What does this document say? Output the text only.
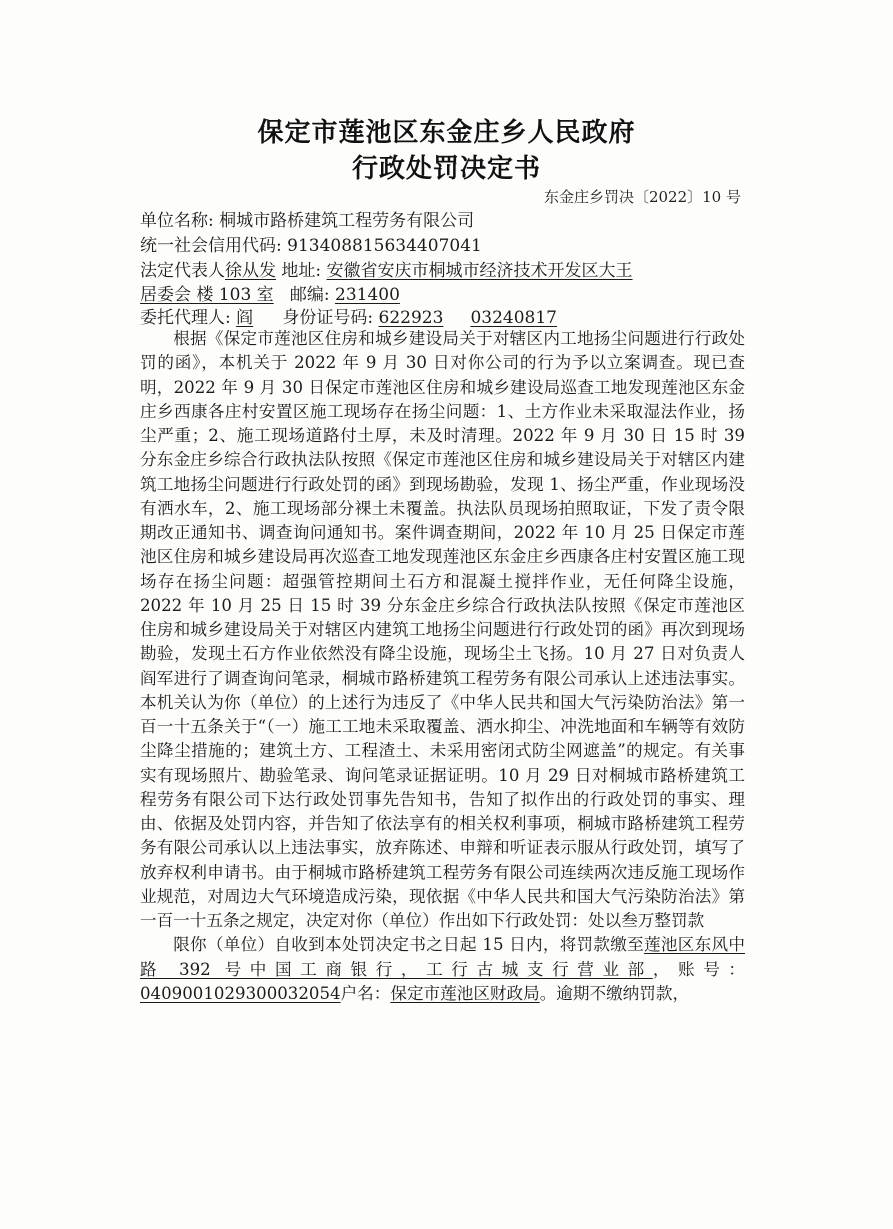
保定市莲池区东金庄乡人民政府
行政处罚决定书
东金庄乡罚决〔2022〕10 号
单位名称: 桐城市路桥建筑工程劳务有限公司
统一社会信用代码: 913408815634407041
法定代表人徐从发 地址: 安徽省安庆市桐城市经济技术开发区大王
居委会 楼 103 室 邮编: 231400
委托代理人: 阎 身份证号码: 622923 03240817

根据《保定市莲池区住房和城乡建设局关于对辖区内工地扬尘问题进行行政处罚的函》，本机关于 2022 年 9 月 30 日对你公司的行为予以立案调查。现已查明，2022 年 9 月 30 日保定市莲池区住房和城乡建设局巡查工地发现莲池区东金庄乡西康各庄村安置区施工现场存在扬尘问题：1、土方作业未采取湿法作业，扬尘严重；2、施工现场道路付土厚，未及时清理。2022 年 9 月 30 日 15 时 39 分东金庄乡综合行政执法队按照《保定市莲池区住房和城乡建设局关于对辖区内建筑工地扬尘问题进行行政处罚的函》到现场勘验，发现 1、扬尘严重，作业现场没有洒水车，2、施工现场部分裸土未覆盖。执法队员现场拍照取证，下发了责令限期改正通知书、调查询问通知书。案件调查期间，2022 年 10 月 25 日保定市莲池区住房和城乡建设局再次巡查工地发现莲池区东金庄乡西康各庄村安置区施工现场存在扬尘问题：超强管控期间土石方和混凝土搅拌作业，无任何降尘设施，2022 年 10 月 25 日 15 时 39 分东金庄乡综合行政执法队按照《保定市莲池区住房和城乡建设局关于对辖区内建筑工地扬尘问题进行行政处罚的函》再次到现场勘验，发现土石方作业依然没有降尘设施，现场尘土飞扬。10 月 27 日对负责人阎军进行了调查询问笔录，桐城市路桥建筑工程劳务有限公司承认上述违法事实。本机关认为你（单位）的上述行为违反了《中华人民共和国大气污染防治法》第一百一十五条关于“（一）施工工地未采取覆盖、洒水抑尘、冲洗地面和车辆等有效防尘降尘措施的；建筑土方、工程渣土、未采用密闭式防尘网遮盖”的规定。有关事实有现场照片、勘验笔录、询问笔录证据证明。10 月 29 日对桐城市路桥建筑工程劳务有限公司下达行政处罚事先告知书，告知了拟作出的行政处罚的事实、理由、依据及处罚内容，并告知了依法享有的相关权利事项，桐城市路桥建筑工程劳务有限公司承认以上违法事实，放弃陈述、申辩和听证表示服从行政处罚，填写了放弃权利申请书。由于桐城市路桥建筑工程劳务有限公司连续两次违反施工现场作业规范，对周边大气环境造成污染，现依据《中华人民共和国大气污染防治法》第一百一十五条之规定，决定对你（单位）作出如下行政处罚：处以叁万整罚款

限你（单位）自收到本处罚决定书之日起 15 日内，将罚款缴至莲池区东风中路 392 号中国工商银行，工行古城支行营业部，账号：0409001029300032054户名：保定市莲池区财政局。逾期不缴纳罚款，
